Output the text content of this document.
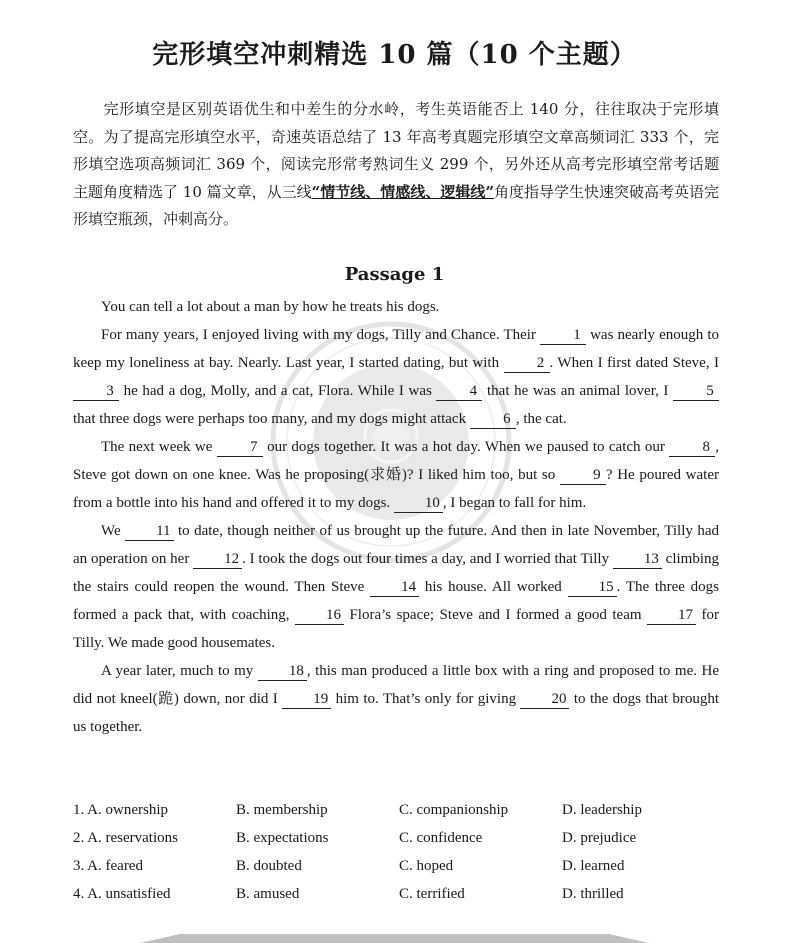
完形填空冲刺精选 10 篇（10 个主题）
完形填空是区别英语优生和中差生的分水岭，考生英语能否上 140 分，往往取决于完形填空。为了提高完形填空水平，奇速英语总结了 13 年高考真题完形填空文章高频词汇 333 个，完形填空选项高频词汇 369 个，阅读完形常考熟词生义 299 个，另外还从高考完形填空常考话题主题角度精选了 10 篇文章，从三线“情节线、情感线、逻辑线”角度指导学生快速突破高考英语完形填空瓶颈，冲刺高分。
Passage 1

You can tell a lot about a man by how he treats his dogs.

For many years, I enjoyed living with my dogs, Tilly and Chance. Their 1 was nearly enough to keep my loneliness at bay. Nearly. Last year, I started dating, but with 2 . When I first dated Steve, I 3 he had a dog, Molly, and a cat, Flora. While I was 4 that he was an animal lover, I 5 that three dogs were perhaps too many, and my dogs might attack 6 , the cat.

The next week we 7 our dogs together. It was a hot day. When we paused to catch our 8 , Steve got down on one knee. Was he proposing(求婚)? I liked him too, but so 9 ? He poured water from a bottle into his hand and offered it to my dogs. 10 , I began to fall for him.

We 11 to date, though neither of us brought up the future. And then in late November, Tilly had an operation on her 12 . I took the dogs out four times a day, and I worried that Tilly 13 climbing the stairs could reopen the wound. Then Steve 14 his house. All worked 15 . The three dogs formed a pack that, with coaching, 16 Flora’s space; Steve and I formed a good team 17 for Tilly. We made good housemates.

A year later, much to my 18 , this man produced a little box with a ring and proposed to me. He did not kneel(跪) down, nor did I 19 him to. That’s only for giving 20 to the dogs that brought us together.

1. A. ownership	B. membership	C. companionship	D. leadership
2. A. reservations	B. expectations	C. confidence	D. prejudice
3. A. feared	B. doubted	C. hoped	D. learned
4. A. unsatisfied	B. amused	C. terrified	D. thrilled
